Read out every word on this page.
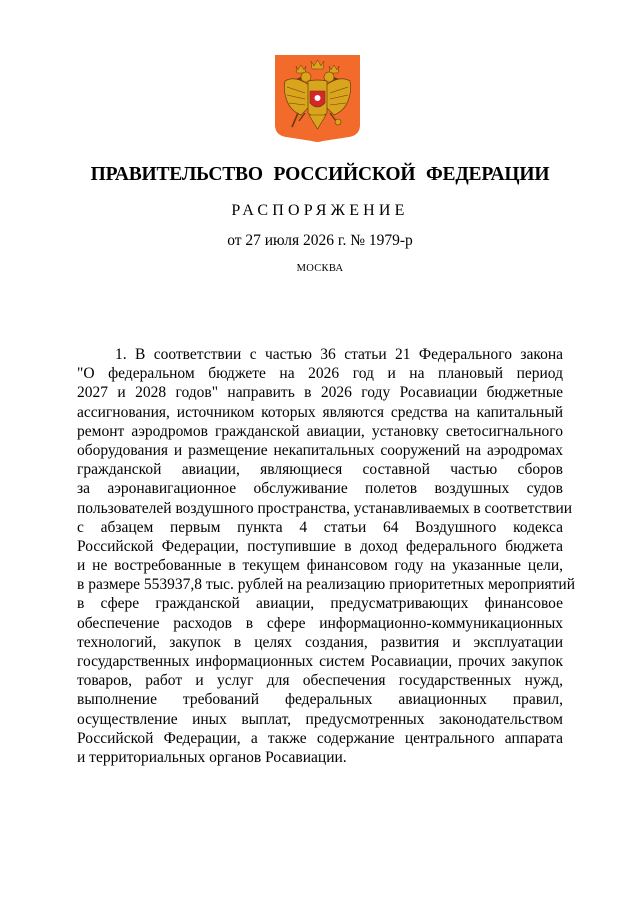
ПРАВИТЕЛЬСТВО РОССИЙСКОЙ ФЕДЕРАЦИИ
РАСПОРЯЖЕНИЕ
от 27 июля 2026 г. № 1979-р
МОСКВА
1. В соответствии с частью 36 статьи 21 Федерального закона
"О федеральном бюджете на 2026 год и на плановый период
2027 и 2028 годов" направить в 2026 году Росавиации бюджетные
ассигнования, источником которых являются средства на капитальный
ремонт аэродромов гражданской авиации, установку светосигнального
оборудования и размещение некапитальных сооружений на аэродромах
гражданской авиации, являющиеся составной частью сборов
за аэронавигационное обслуживание полетов воздушных судов
пользователей воздушного пространства, устанавливаемых в соответствии
с абзацем первым пункта 4 статьи 64 Воздушного кодекса
Российской Федерации, поступившие в доход федерального бюджета
и не востребованные в текущем финансовом году на указанные цели,
в размере 553937,8 тыс. рублей на реализацию приоритетных мероприятий
в сфере гражданской авиации, предусматривающих финансовое
обеспечение расходов в сфере информационно-коммуникационных
технологий, закупок в целях создания, развития и эксплуатации
государственных информационных систем Росавиации, прочих закупок
товаров, работ и услуг для обеспечения государственных нужд,
выполнение требований федеральных авиационных правил,
осуществление иных выплат, предусмотренных законодательством
Российской Федерации, а также содержание центрального аппарата
и территориальных органов Росавиации.
